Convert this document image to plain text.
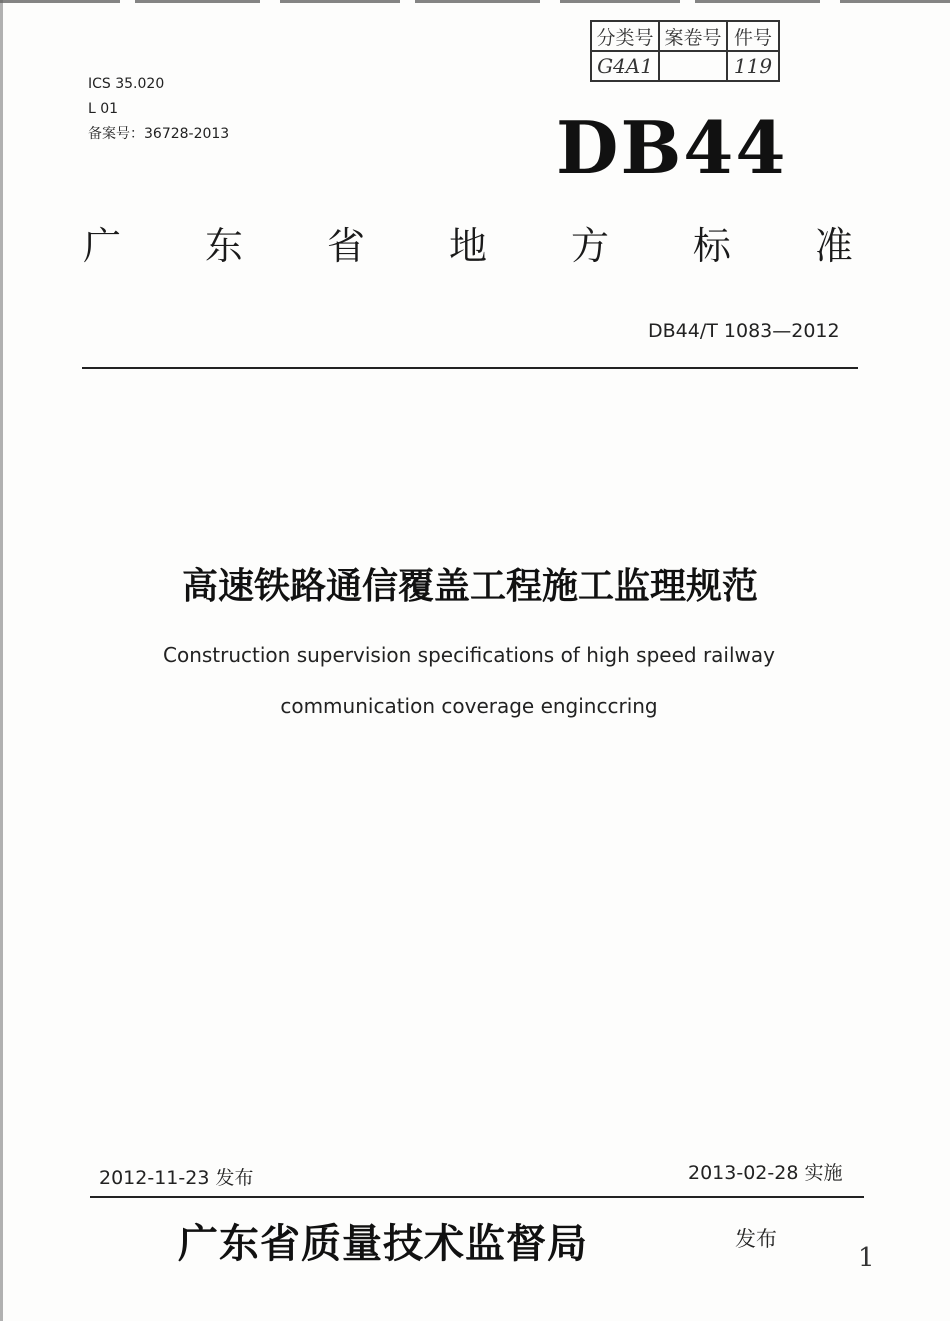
ICS 35.020
L 01
备案号：36728-2013
分类号	案卷号	件号
G4A1		119
DB44
广 东 省 地 方 标 准
DB44/T 1083—2012
高速铁路通信覆盖工程施工监理规范
Construction supervision specifications of high speed railway
communication coverage enginccring
2012-11-23 发布	2013-02-28 实施
广东省质量技术监督局	发布
1
